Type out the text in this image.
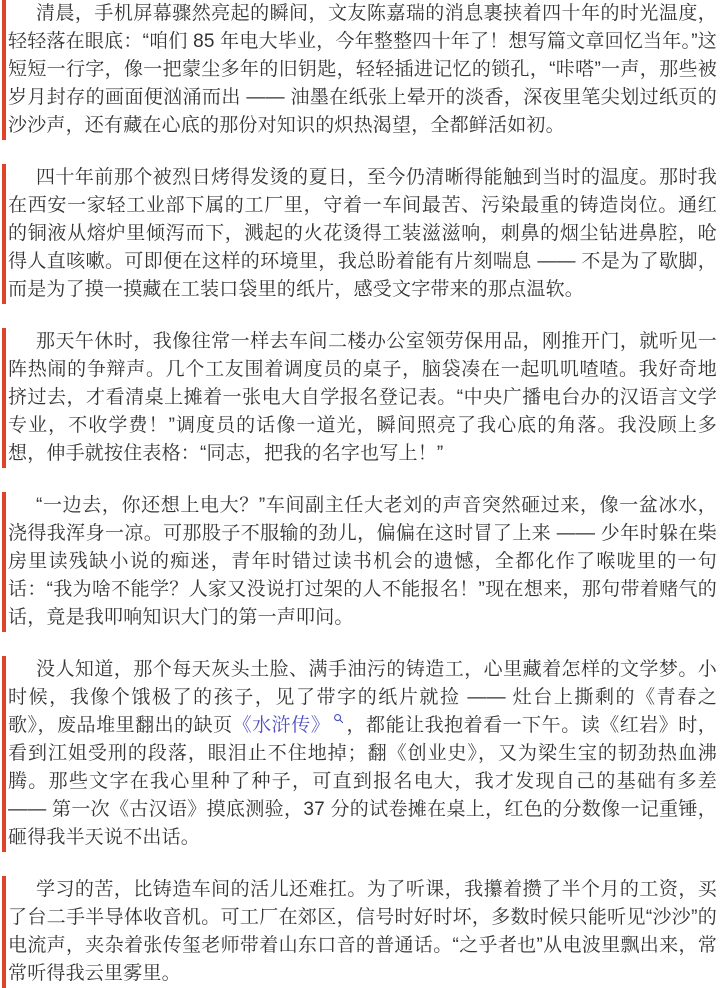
清晨，手机屏幕骤然亮起的瞬间，文友陈嘉瑞的消息裹挟着四十年的时光温度，轻轻落在眼底：“咱们 85 年电大毕业，今年整整四十年了！想写篇文章回忆当年。”这短短一行字，像一把蒙尘多年的旧钥匙，轻轻插进记忆的锁孔，“咔嗒”一声，那些被岁月封存的画面便汹涌而出 —— 油墨在纸张上晕开的淡香，深夜里笔尖划过纸页的沙沙声，还有藏在心底的那份对知识的炽热渴望，全都鲜活如初。

四十年前那个被烈日烤得发烫的夏日，至今仍清晰得能触到当时的温度。那时我在西安一家轻工业部下属的工厂里，守着一车间最苦、污染最重的铸造岗位。通红的铜液从熔炉里倾泻而下，溅起的火花烫得工装滋滋响，刺鼻的烟尘钻进鼻腔，呛得人直咳嗽。可即便在这样的环境里，我总盼着能有片刻喘息 —— 不是为了歇脚，而是为了摸一摸藏在工装口袋里的纸片，感受文字带来的那点温软。

那天午休时，我像往常一样去车间二楼办公室领劳保用品，刚推开门，就听见一阵热闹的争辩声。几个工友围着调度员的桌子，脑袋凑在一起叽叽喳喳。我好奇地挤过去，才看清桌上摊着一张电大自学报名登记表。“中央广播电台办的汉语言文学专业，不收学费！”调度员的话像一道光，瞬间照亮了我心底的角落。我没顾上多想，伸手就按住表格：“同志，把我的名字也写上！”

“一边去，你还想上电大？”车间副主任大老刘的声音突然砸过来，像一盆冰水，浇得我浑身一凉。可那股子不服输的劲儿，偏偏在这时冒了上来 —— 少年时躲在柴房里读残缺小说的痴迷，青年时错过读书机会的遗憾，全都化作了喉咙里的一句话：“我为啥不能学？人家又没说打过架的人不能报名！”现在想来，那句带着赌气的话，竟是我叩响知识大门的第一声叩问。

没人知道，那个每天灰头土脸、满手油污的铸造工，心里藏着怎样的文学梦。小时候，我像个饿极了的孩子，见了带字的纸片就捡 —— 灶台上撕剩的《青春之歌》，废品堆里翻出的缺页《水浒传》 ，都能让我抱着看一下午。读《红岩》时，看到江姐受刑的段落，眼泪止不住地掉；翻《创业史》，又为梁生宝的韧劲热血沸腾。那些文字在我心里种了种子，可直到报名电大，我才发现自己的基础有多差 —— 第一次《古汉语》摸底测验，37 分的试卷摊在桌上，红色的分数像一记重锤，砸得我半天说不出话。

学习的苦，比铸造车间的活儿还难扛。为了听课，我攥着攒了半个月的工资，买了台二手半导体收音机。可工厂在郊区，信号时好时坏，多数时候只能听见“沙沙”的电流声，夹杂着张传玺老师带着山东口音的普通话。“之乎者也”从电波里飘出来，常常听得我云里雾里。
